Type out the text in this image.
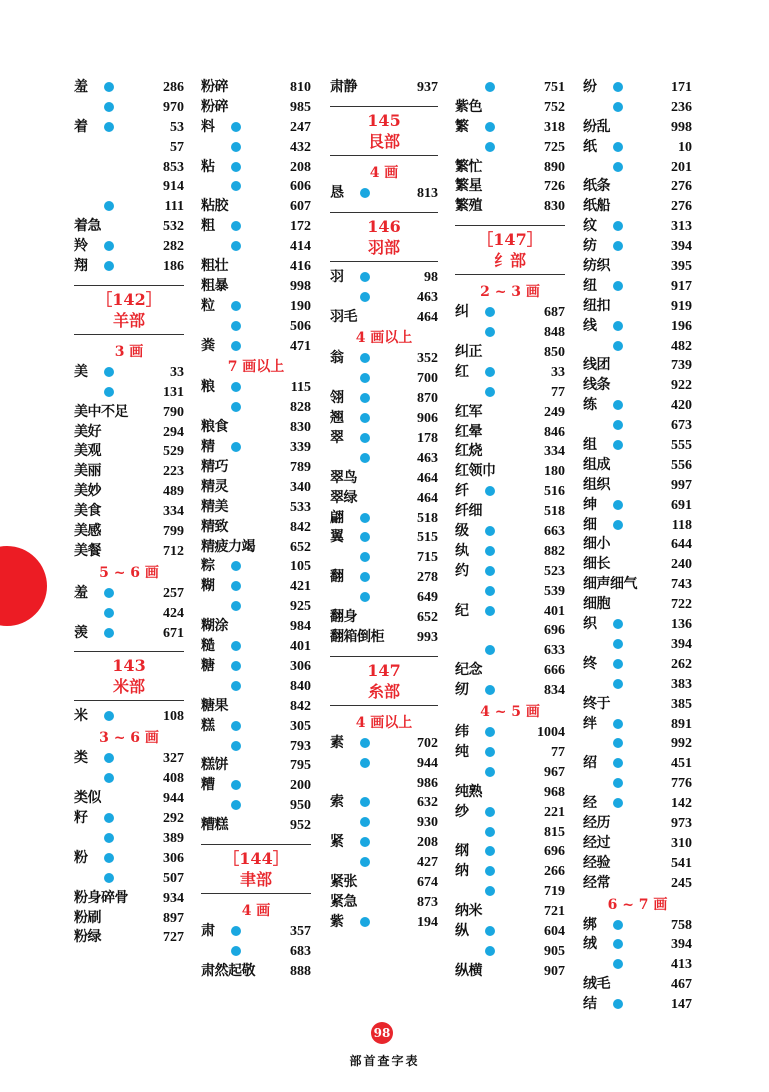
羞	286
970
着	53
57
853
914
111
着急	532
羚	282
翔	186
［142］
羊部
3 画
美	33
131
美中不足	790
美好	294
美观	529
美丽	223
美妙	489
美食	334
美感	799
美餐	712
5 ~ 6 画
羞	257
424
羡	671
143
米部
米	108
3 ~ 6 画
类	327
408
类似	944
籽	292
389
粉	306
507
粉身碎骨	934
粉刷	897
粉绿	727
粉碎	810
粉碎	985
料	247
432
粘	208
606
粘胶	607
粗	172
414
粗壮	416
粗暴	998
粒	190
506
粪	471
7 画以上
粮	115
828
粮食	830
精	339
精巧	789
精灵	340
精美	533
精致	842
精疲力竭	652
粽	105
糊	421
925
糊涂	984
糙	401
糖	306
840
糖果	842
糕	305
793
糕饼	795
糟	200
950
糟糕	952
［144］
聿部
4 画
肃	357
683
肃然起敬	888
肃静	937
145
艮部
4 画
恳	813
146
羽部
羽	98
463
羽毛	464
4 画以上
翁	352
700
翎	870
翘	906
翠	178
463
翠鸟	464
翠绿	464
翩	518
翼	515
715
翻	278
649
翻身	652
翻箱倒柜 993
147
糸部
4 画以上
素	702
944
986
索	632
930
紧	208
427
紧张	674
紧急	873
紫	194
751
紫色	752
繁	318
725
繁忙	890
繁星	726
繁殖	830
［147］
纟部
2 ~ 3 画
纠	687
848
纠正	850
红	33
77
红军	249
红晕	846
红烧	334
红领巾	180
纤	516
纤细	518
级	663
纨	882
约	523
539
纪	401
696
633
纪念	666
纫	834
4 ~ 5 画
纬	1004
纯	77
967
纯熟	968
纱	221
815
纲	696
纳	266
719
纳米	721
纵	604
905
纵横	907
纷	171
236
纷乱	998
纸	10
201
纸条	276
纸船	276
纹	313
纺	394
纺织	395
纽	917
纽扣	919
线	196
482
线团	739
线条	922
练	420
673
组	555
组成	556
组织	997
绅	691
细	118
细小	644
细长	240
细声细气 743
细胞	722
织	136
394
终	262
383
终于	385
绊	891
992
绍	451
776
经	142
经历	973
经过	310
经验	541
经常	245
6 ~ 7 画
绑	758
绒	394
413
绒毛	467
结	147
98
部首查字表
